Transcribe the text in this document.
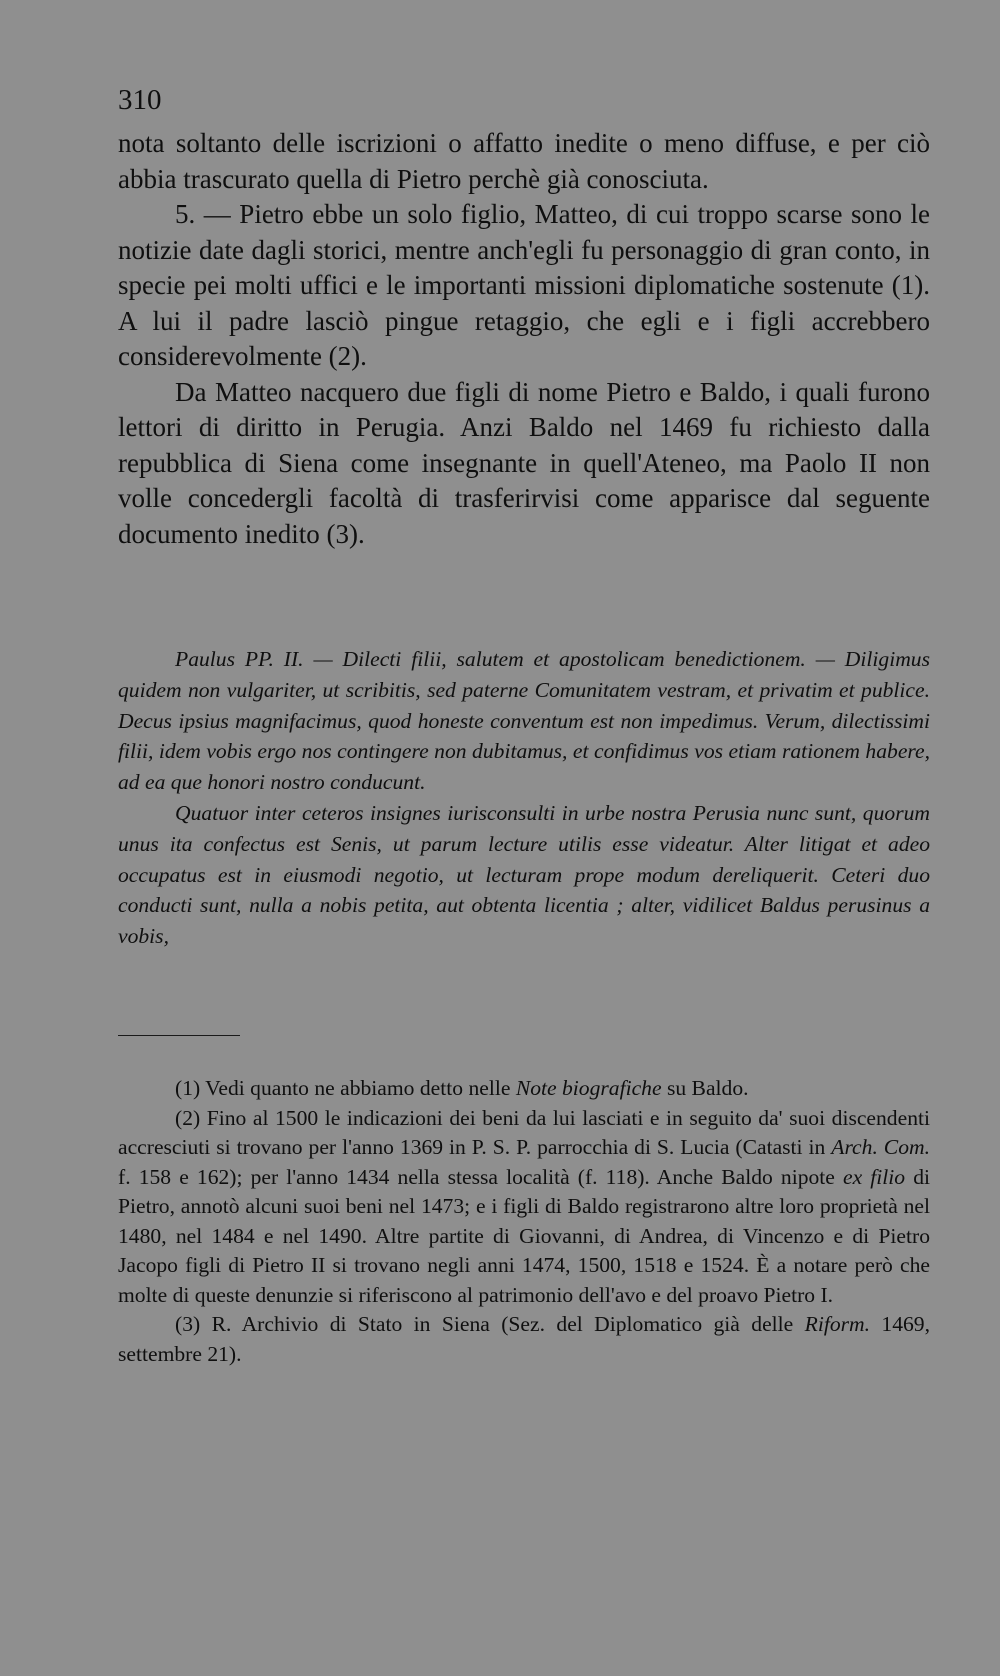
310

nota soltanto delle iscrizioni o affatto inedite o meno diffuse, e per ciò abbia trascurato quella di Pietro perchè già conosciuta.

5. — Pietro ebbe un solo figlio, Matteo, di cui troppo scarse sono le notizie date dagli storici, mentre anch'egli fu personaggio di gran conto, in specie pei molti uffici e le importanti missioni diplomatiche sostenute (1). A lui il padre lasciò pingue retaggio, che egli e i figli accrebbero considerevolmente (2).

Da Matteo nacquero due figli di nome Pietro e Baldo, i quali furono lettori di diritto in Perugia. Anzi Baldo nel 1469 fu richiesto dalla repubblica di Siena come insegnante in quell'Ateneo, ma Paolo II non volle concedergli facoltà di trasferirvisi come apparisce dal seguente documento inedito (3).

Paulus PP. II. — Dilecti filii, salutem et apostolicam benedictionem. — Diligimus quidem non vulgariter, ut scribitis, sed paterne Comunitatem vestram, et privatim et publice. Decus ipsius magnifacimus, quod honeste conventum est non impedimus. Verum, dilectissimi filii, idem vobis ergo nos contingere non dubitamus, et confidimus vos etiam rationem habere, ad ea que honori nostro conducunt.

Quatuor inter ceteros insignes iurisconsulti in urbe nostra Perusia nunc sunt, quorum unus ita confectus est Senis, ut parum lecture utilis esse videatur. Alter litigat et adeo occupatus est in eiusmodi negotio, ut lecturam prope modum dereliquerit. Ceteri duo conducti sunt, nulla a nobis petita, aut obtenta licentia ; alter, vidilicet Baldus perusinus a vobis,

(1) Vedi quanto ne abbiamo detto nelle Note biografiche su Baldo.

(2) Fino al 1500 le indicazioni dei beni da lui lasciati e in seguito da' suoi discendenti accresciuti si trovano per l'anno 1369 in P. S. P. parrocchia di S. Lucia (Catasti in Arch. Com. f. 158 e 162); per l'anno 1434 nella stessa località (f. 118). Anche Baldo nipote ex filio di Pietro, annotò alcuni suoi beni nel 1473; e i figli di Baldo registrarono altre loro proprietà nel 1480, nel 1484 e nel 1490. Altre partite di Giovanni, di Andrea, di Vincenzo e di Pietro Jacopo figli di Pietro II si trovano negli anni 1474, 1500, 1518 e 1524. È a notare però che molte di queste denunzie si riferiscono al patrimonio dell'avo e del proavo Pietro I.

(3) R. Archivio di Stato in Siena (Sez. del Diplomatico già delle Riform. 1469, settembre 21).
